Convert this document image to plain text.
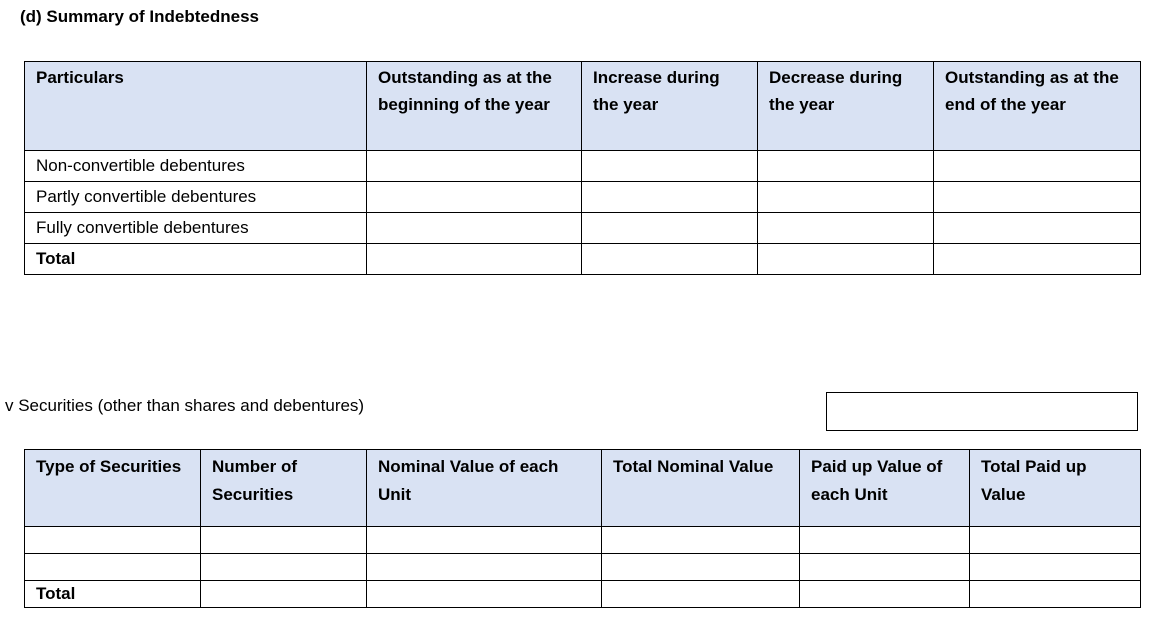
(d) Summary of Indebtedness
Particulars	Outstanding as at the beginning of the year	Increase during the year	Decrease during the year	Outstanding as at the end of the year
Non-convertible debentures				
Partly convertible debentures				
Fully convertible debentures				
Total				
v Securities (other than shares and debentures)
Type of Securities	Number of Securities	Nominal Value of each Unit	Total Nominal Value	Paid up Value of each Unit	Total Paid up Value

Total					
